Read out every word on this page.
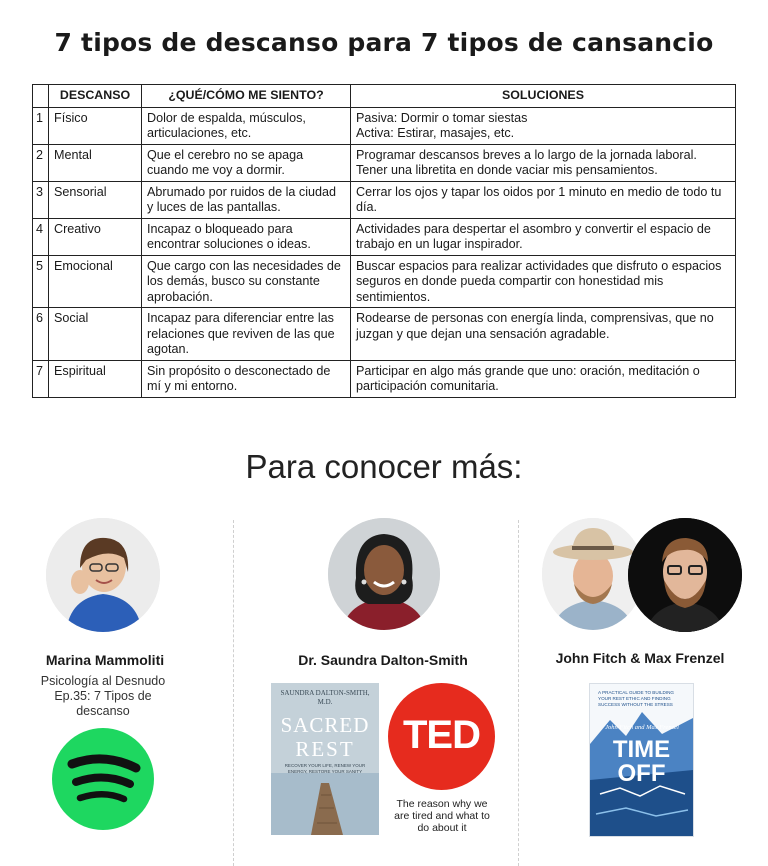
7 tipos de descanso para 7 tipos de cansancio
	DESCANSO	¿QUÉ/CÓMO ME SIENTO?	SOLUCIONES
1	Físico	Dolor de espalda, músculos, articulaciones, etc.	Pasiva: Dormir o tomar siestas
Activa: Estirar, masajes, etc.
2	Mental	Que el cerebro no se apaga cuando me voy a dormir.	Programar descansos breves a lo largo de la jornada laboral.
Tener una libretita en donde vaciar mis pensamientos.
3	Sensorial	Abrumado por ruidos de la ciudad y luces de las pantallas.	Cerrar los ojos y tapar los oidos por 1 minuto en medio de todo tu día.
4	Creativo	Incapaz o bloqueado para encontrar soluciones o ideas.	Actividades para despertar el asombro y convertir el espacio de trabajo en un lugar inspirador.
5	Emocional	Que cargo con las necesidades de los demás, busco su constante aprobación.	Buscar espacios para realizar actividades que disfruto o espacios seguros en donde pueda compartir con honestidad mis sentimientos.
6	Social	Incapaz para diferenciar entre las relaciones que reviven de las que agotan.	Rodearse de personas con energía linda, comprensivas, que no juzgan y que dejan una sensación agradable.
7	Espiritual	Sin propósito o desconectado de mí y mi entorno.	Participar en algo más grande que uno: oración, meditación o participación comunitaria.
Para conocer más:
Marina Mammoliti
Psicología al Desnudo Ep.35: 7 Tipos de descanso
Dr. Saundra Dalton-Smith
SAUNDRA DALTON-SMITH, M.D.
SACRED
REST
RECOVER YOUR LIFE, RENEW YOUR ENERGY, RESTORE YOUR SANITY
TED
The reason why we are tired and what to do about it
John Fitch & Max Frenzel
A PRACTICAL GUIDE TO BUILDING YOUR REST ETHIC AND FINDING SUCCESS WITHOUT THE STRESS
John Fitch and Max Frenzel
TIME
OFF
